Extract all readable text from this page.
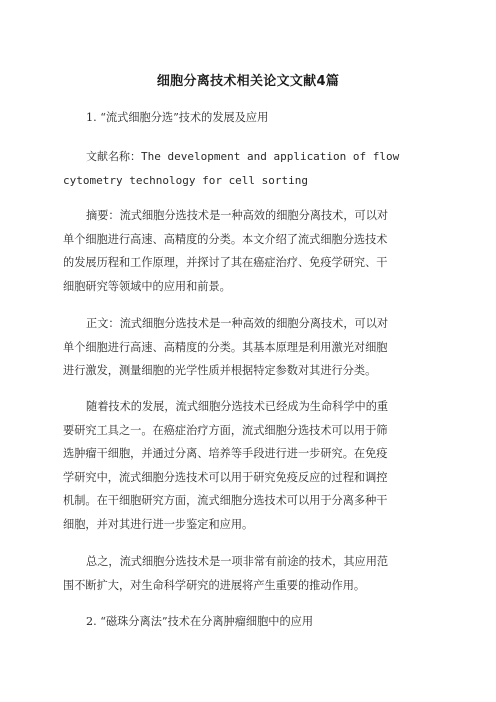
细胞分离技术相关论文文献4篇
1. “流式细胞分选”技术的发展及应用
文献名称：The development and application of flow
cytometry technology for cell sorting
摘要：流式细胞分选技术是一种高效的细胞分离技术，可以对
单个细胞进行高速、高精度的分类。本文介绍了流式细胞分选技术
的发展历程和工作原理，并探讨了其在癌症治疗、免疫学研究、干
细胞研究等领域中的应用和前景。
正文：流式细胞分选技术是一种高效的细胞分离技术，可以对
单个细胞进行高速、高精度的分类。其基本原理是利用激光对细胞
进行激发，测量细胞的光学性质并根据特定参数对其进行分类。
随着技术的发展，流式细胞分选技术已经成为生命科学中的重
要研究工具之一。在癌症治疗方面，流式细胞分选技术可以用于筛
选肿瘤干细胞，并通过分离、培养等手段进行进一步研究。在免疫
学研究中，流式细胞分选技术可以用于研究免疫反应的过程和调控
机制。在干细胞研究方面，流式细胞分选技术可以用于分离多种干
细胞，并对其进行进一步鉴定和应用。
总之，流式细胞分选技术是一项非常有前途的技术，其应用范
围不断扩大，对生命科学研究的进展将产生重要的推动作用。
2. “磁珠分离法”技术在分离肿瘤细胞中的应用
